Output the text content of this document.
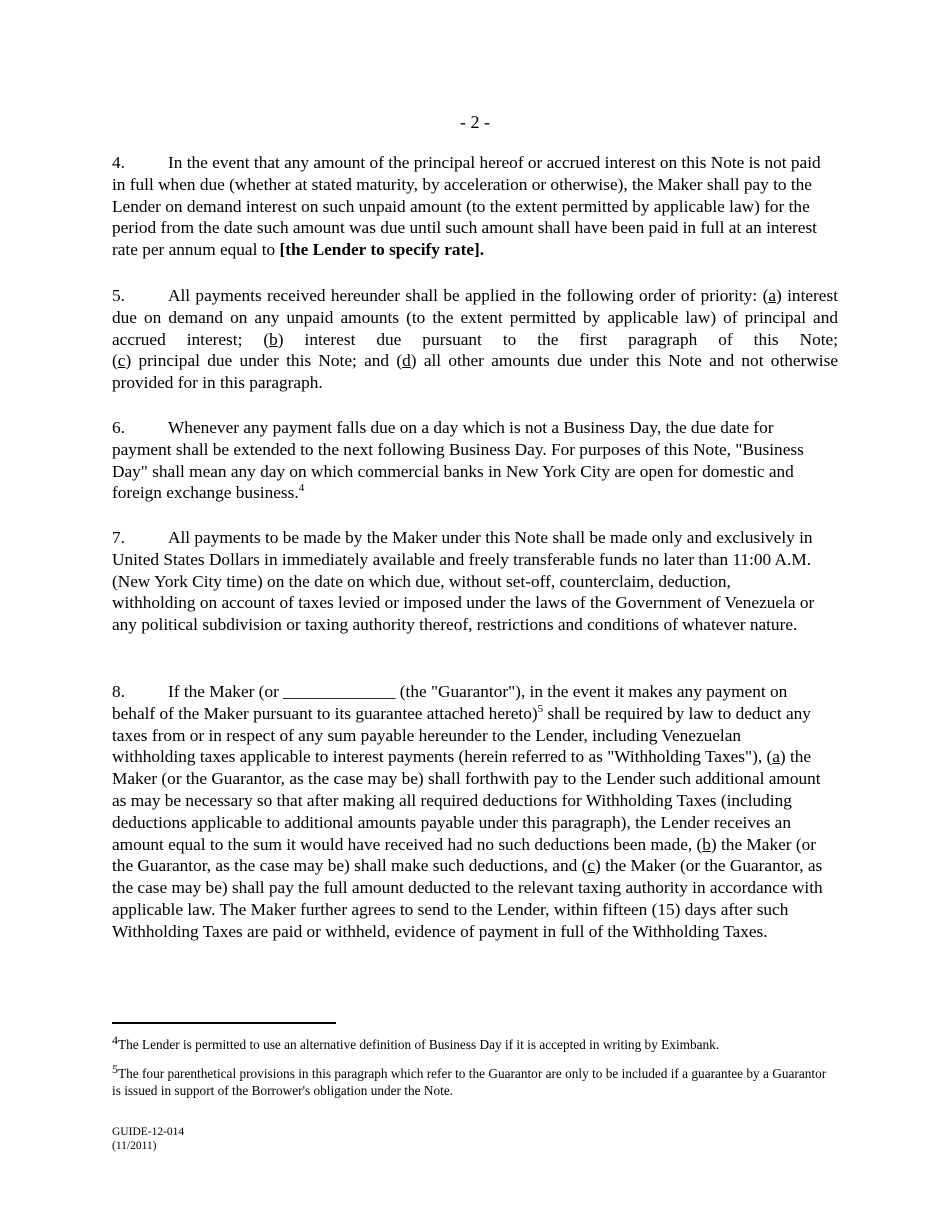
- 2 -

4. In the event that any amount of the principal hereof or accrued interest on this Note is not paid in full when due (whether at stated maturity, by acceleration or otherwise), the Maker shall pay to the Lender on demand interest on such unpaid amount (to the extent permitted by applicable law) for the period from the date such amount was due until such amount shall have been paid in full at an interest rate per annum equal to [the Lender to specify rate].

5. All payments received hereunder shall be applied in the following order of priority: (a) interest due on demand on any unpaid amounts (to the extent permitted by applicable law) of principal and accrued interest; (b) interest due pursuant to the first paragraph of this Note;
(c) principal due under this Note; and (d) all other amounts due under this Note and not otherwise provided for in this paragraph.

6. Whenever any payment falls due on a day which is not a Business Day, the due date for payment shall be extended to the next following Business Day. For purposes of this Note, "Business Day" shall mean any day on which commercial banks in New York City are open for domestic and foreign exchange business.$^4$

7. All payments to be made by the Maker under this Note shall be made only and exclusively in United States Dollars in immediately available and freely transferable funds no later than 11:00 A.M. (New York City time) on the date on which due, without set-off, counterclaim, deduction, withholding on account of taxes levied or imposed under the laws of the Government of Venezuela or any political subdivision or taxing authority thereof, restrictions and conditions of whatever nature.

8. If the Maker (or _____________ (the "Guarantor"), in the event it makes any payment on behalf of the Maker pursuant to its guarantee attached hereto)$^5$ shall be required by law to deduct any taxes from or in respect of any sum payable hereunder to the Lender, including Venezuelan withholding taxes applicable to interest payments (herein referred to as "Withholding Taxes"), (a) the Maker (or the Guarantor, as the case may be) shall forthwith pay to the Lender such additional amount as may be necessary so that after making all required deductions for Withholding Taxes (including deductions applicable to additional amounts payable under this paragraph), the Lender receives an amount equal to the sum it would have received had no such deductions been made, (b) the Maker (or the Guarantor, as the case may be) shall make such deductions, and (c) the Maker (or the Guarantor, as the case may be) shall pay the full amount deducted to the relevant taxing authority in accordance with applicable law. The Maker further agrees to send to the Lender, within fifteen (15) days after such Withholding Taxes are paid or withheld, evidence of payment in full of the Withholding Taxes.

$^4$The Lender is permitted to use an alternative definition of Business Day if it is accepted in writing by Eximbank.

$^5$The four parenthetical provisions in this paragraph which refer to the Guarantor are only to be included if a guarantee by a Guarantor is issued in support of the Borrower's obligation under the Note.

GUIDE-12-014
(11/2011)
